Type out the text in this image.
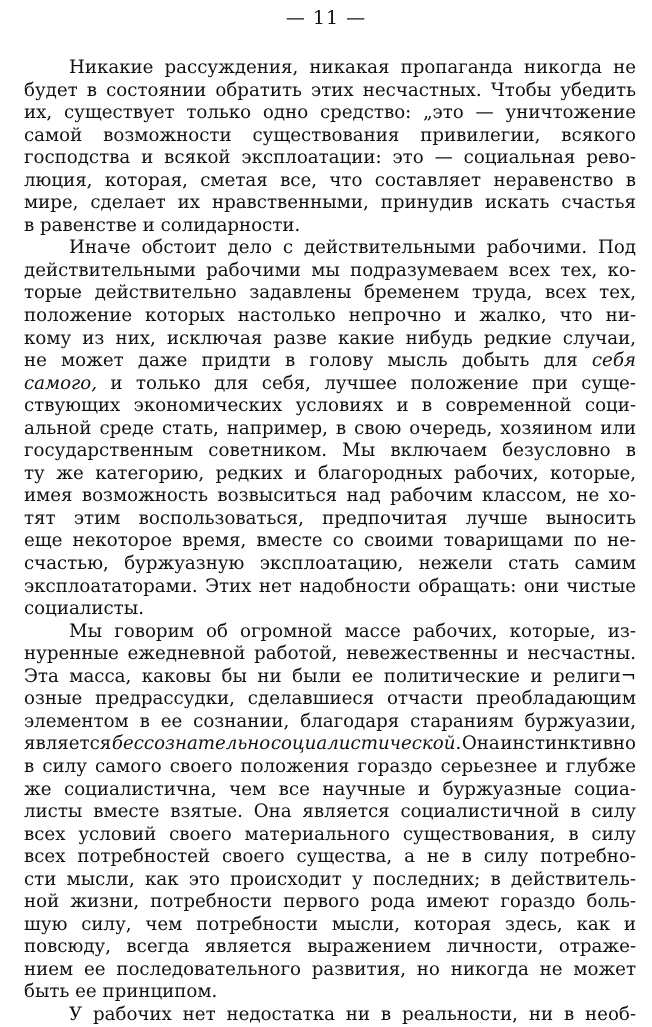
— 11 —
Никакие рассуждения, никакая пропаганда никогда не
будет в состоянии обратить этих несчастных. Чтобы убедить
их, существует только одно средство: „это — уничтожение
самой возможности существования привилегии, всякого
господства и всякой эксплоатации: это — социальная рево-
люция, которая, сметая все, что составляет неравенство в
мире, сделает их нравственными, принудив искать счастья
в равенстве и солидарности.
Иначе обстоит дело с действительными рабочими. Под
действительными рабочими мы подразумеваем всех тех, ко-
торые действительно задавлены бременем труда, всех тех,
положение которых настолько непрочно и жалко, что ни-
кому из них, исключая разве какие нибудь редкие случаи,
не может даже придти в голову мысль добыть для себя
самого, и только для себя, лучшее положение при суще-
ствующих экономических условиях и в современной соци-
альной среде стать, например, в свою очередь, хозяином или
государственным советником. Мы включаем безусловно в
ту же категорию, редких и благородных рабочих, которые,
имея возможность возвыситься над рабочим классом, не хо-
тят этим воспользоваться, предпочитая лучше выносить
еще некоторое время, вместе со своими товарищами по не-
счастью, буржуазную эксплоатацию, нежели стать самим
эксплоататорами. Этих нет надобности обращать: они чистые
социалисты.
Мы говорим об огромной массе рабочих, которые, из-
нуренные ежедневной работой, невежественны и несчастны.
Эта масса, каковы бы ни были ее политические и религи¬
озные предрассудки, сделавшиеся отчасти преобладающим
элементом в ее сознании, благодаря стараниям буржуазии,
является бессознательно социалистической. Она инстинктивно
в силу самого своего положения гораздо серьезнее и глубже
же социалистична, чем все научные и буржуазные социа-
листы вместе взятые. Она является социалистичной в силу
всех условий своего материального существования, в силу
всех потребностей своего существа, а не в силу потребно-
сти мысли, как это происходит у последних; в действитель-
ной жизни, потребности первого рода имеют гораздо боль-
шую силу, чем потребности мысли, которая здесь, как и
повсюду, всегда является выражением личности, отраже-
нием ее последовательного развития, но никогда не может
быть ее принципом.
У рабочих нет недостатка ни в реальности, ни в необ-
